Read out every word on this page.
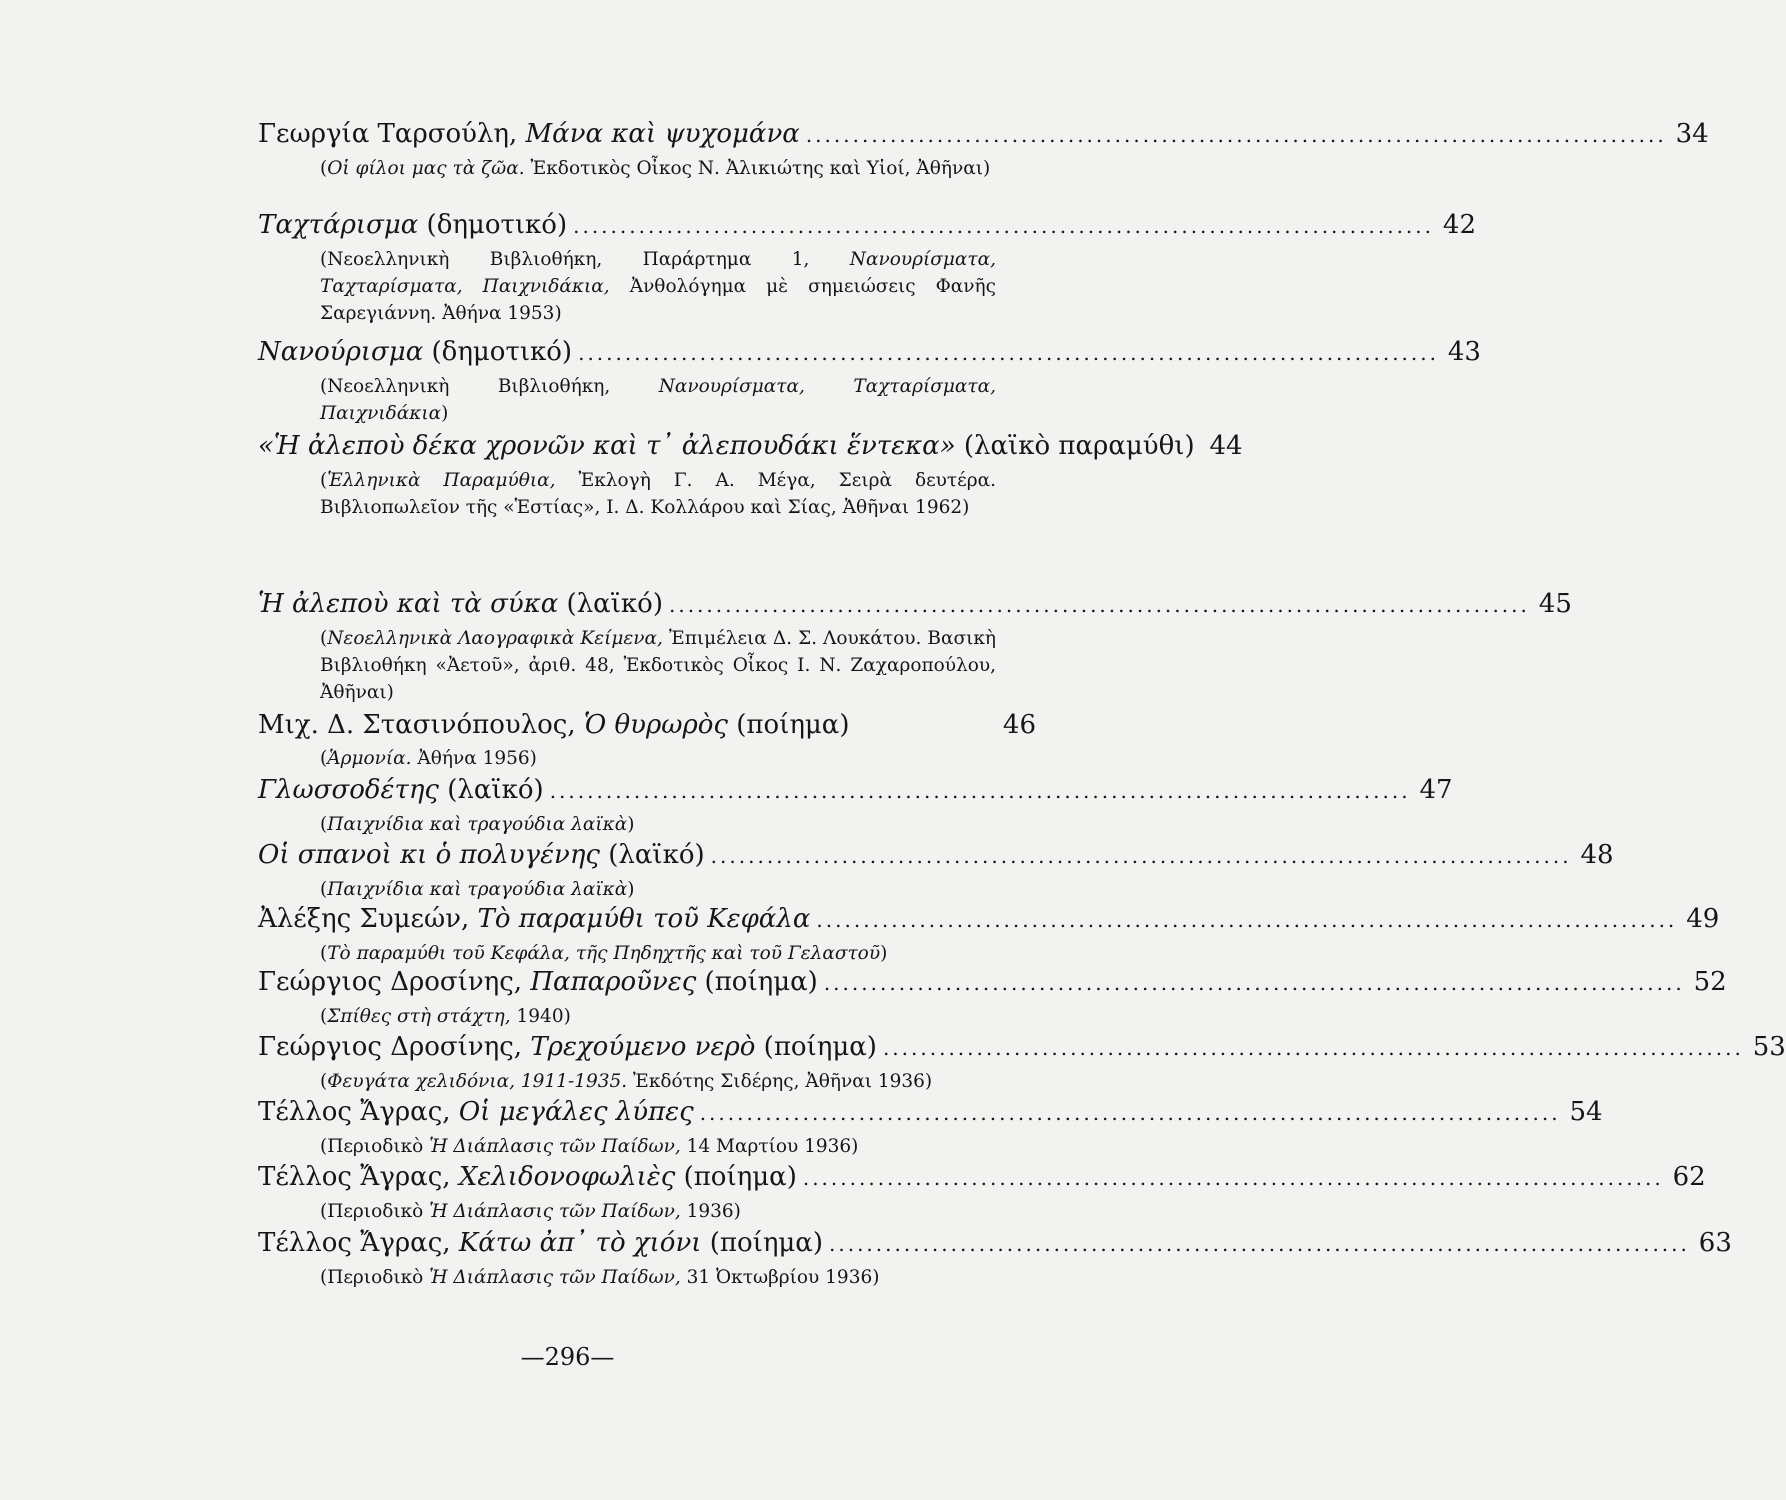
Γεωργία Ταρσούλη, Μάνα καὶ ψυχομάνα ............................................................................................ 34
(Οἱ φίλοι μας τὰ ζῶα. Ἐκδοτικὸς Οἶκος Ν. Ἀλικιώτης καὶ Υἱοί, Ἀθῆναι)
Ταχτάρισμα (δημοτικό) ............................................................................................ 42
(Νεοελληνικὴ Βιβλιοθήκη, Παράρτημα 1, Νανουρίσματα, Ταχταρίσματα, Παιχνιδάκια, Ἀνθολόγημα μὲ σημειώσεις Φανῆς Σαρεγιάννη. Ἀθήνα 1953)
Νανούρισμα (δημοτικό) ............................................................................................ 43
(Νεοελληνικὴ Βιβλιοθήκη, Νανουρίσματα, Ταχταρίσματα, Παιχνιδάκια)
«Ἡ ἀλεποὺ δέκα χρονῶν καὶ τ᾽ ἀλεπουδάκι ἕντεκα» (λαϊκὸ παραμύθι) 44
(Ἑλληνικὰ Παραμύθια, Ἐκλογὴ Γ. Α. Μέγα, Σειρὰ δευτέρα. Βιβλιοπωλεῖον τῆς «Ἑστίας», Ι. Δ. Κολλάρου καὶ Σίας, Ἀθῆναι 1962)
Ἡ ἀλεποὺ καὶ τὰ σύκα (λαϊκό) ............................................................................................ 45
(Νεοελληνικὰ Λαογραφικὰ Κείμενα, Ἐπιμέλεια Δ. Σ. Λουκάτου. Βασικὴ Βιβλιοθήκη «Ἀετοῦ», ἀριθ. 48, Ἐκδοτικὸς Οἶκος Ι. Ν. Ζαχαροπούλου, Ἀθῆναι)
Μιχ. Δ. Στασινόπουλος, Ὁ θυρωρὸς (ποίημα)	46
(Ἁρμονία. Ἀθήνα 1956)
Γλωσσοδέτης (λαϊκό) ............................................................................................ 47
(Παιχνίδια καὶ τραγούδια λαϊκὰ)
Οἱ σπανοὶ κι ὁ πολυγένης (λαϊκό) ............................................................................................ 48
(Παιχνίδια καὶ τραγούδια λαϊκὰ)
Ἀλέξης Συμεών, Τὸ παραμύθι τοῦ Κεφάλα ............................................................................................ 49
(Τὸ παραμύθι τοῦ Κεφάλα, τῆς Πηδηχτῆς καὶ τοῦ Γελαστοῦ)
Γεώργιος Δροσίνης, Παπαροῦνες (ποίημα) ............................................................................................ 52
(Σπίθες στὴ στάχτη, 1940)
Γεώργιος Δροσίνης, Τρεχούμενο νερὸ (ποίημα) ............................................................................................ 53
(Φευγάτα χελιδόνια, 1911-1935. Ἐκδότης Σιδέρης, Ἀθῆναι 1936)
Τέλλος Ἄγρας, Οἱ μεγάλες λύπες ............................................................................................ 54
(Περιοδικὸ Ἡ Διάπλασις τῶν Παίδων, 14 Μαρτίου 1936)
Τέλλος Ἄγρας, Χελιδονοφωλιὲς (ποίημα) ............................................................................................ 62
(Περιοδικὸ Ἡ Διάπλασις τῶν Παίδων, 1936)
Τέλλος Ἄγρας, Κάτω ἀπ᾽ τὸ χιόνι (ποίημα) ............................................................................................ 63
(Περιοδικὸ Ἡ Διάπλασις τῶν Παίδων, 31 Ὀκτωβρίου 1936)
—296—
